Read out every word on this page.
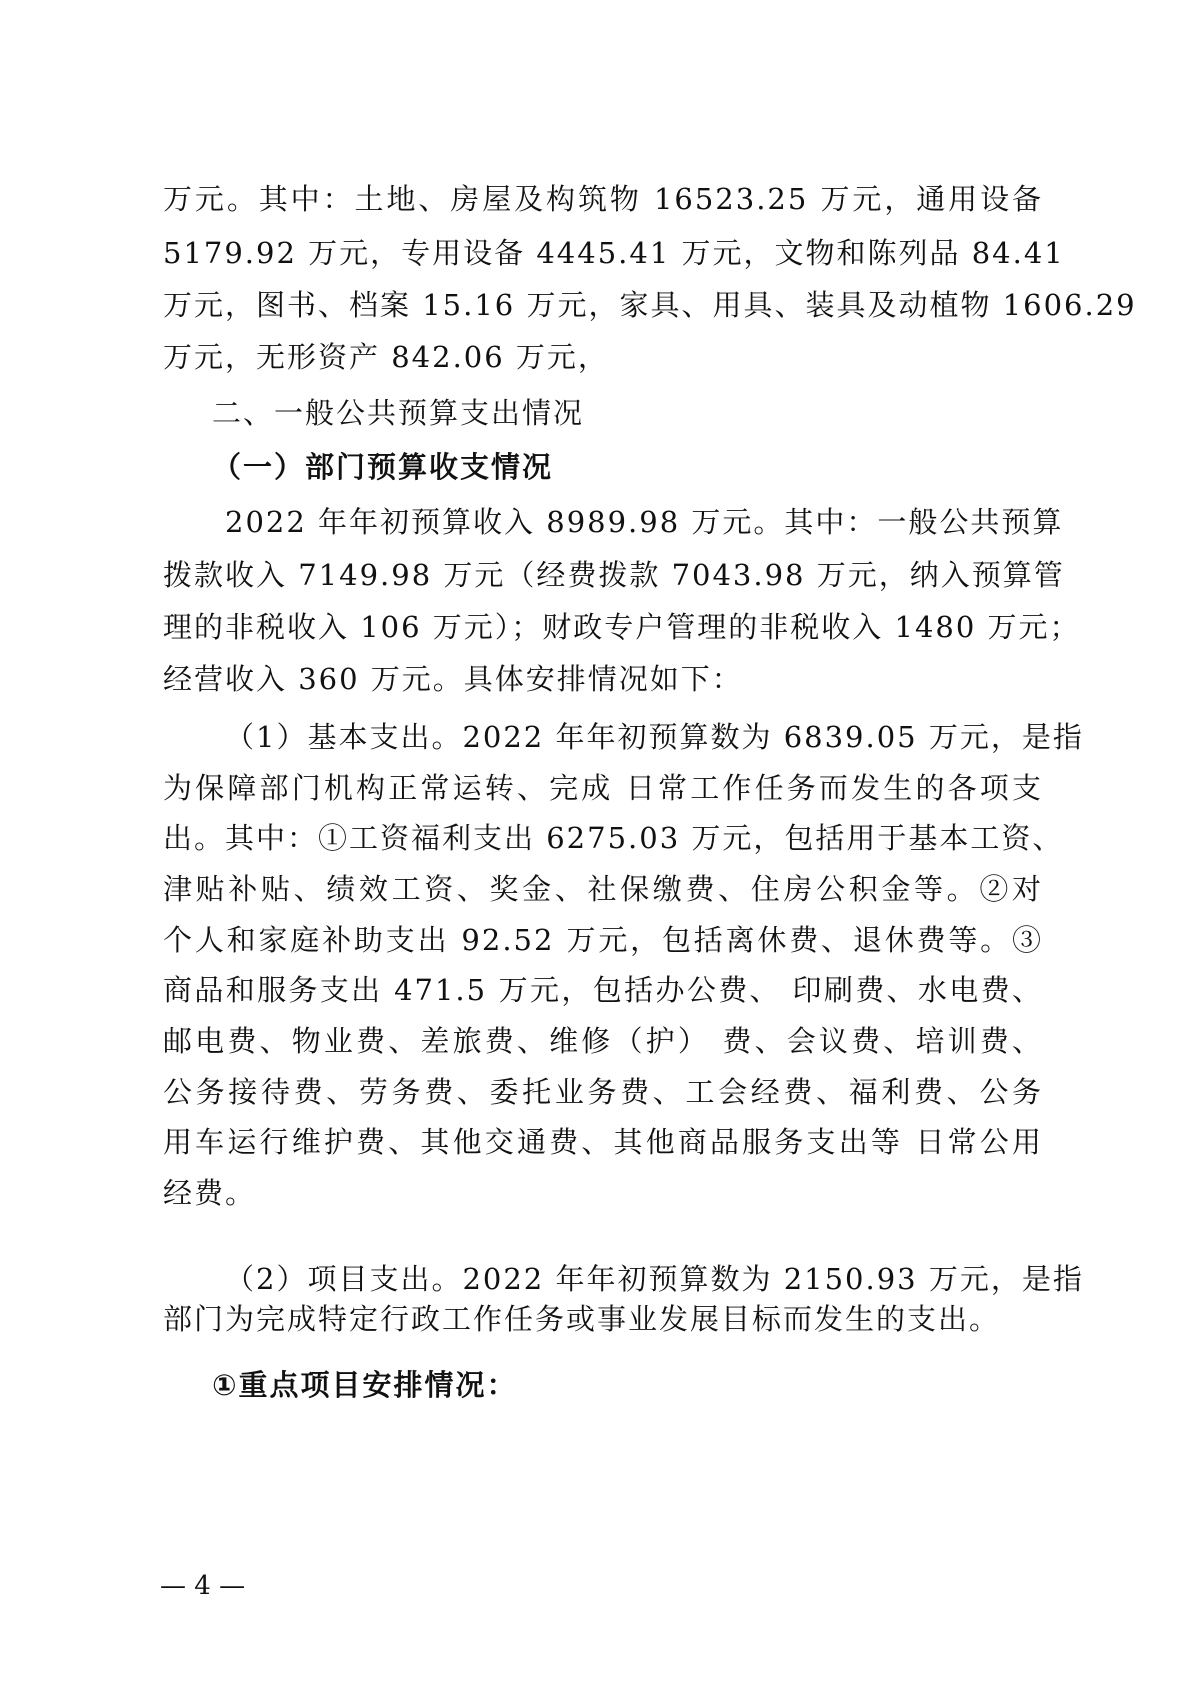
万元。其中：土地、房屋及构筑物 16523.25 万元，通用设备
5179.92 万元，专用设备 4445.41 万元，文物和陈列品 84.41
万元，图书、档案 15.16 万元，家具、用具、装具及动植物 1606.29
万元，无形资产 842.06 万元，
二、一般公共预算支出情况
（一）部门预算收支情况
2022 年年初预算收入 8989.98 万元。其中：一般公共预算
拨款收入 7149.98 万元（经费拨款 7043.98 万元，纳入预算管
理的非税收入 106 万元）；财政专户管理的非税收入 1480 万元；
经营收入 360 万元。具体安排情况如下：
（1）基本支出。2022 年年初预算数为 6839.05 万元，是指
为保障部门机构正常运转、完成 日常工作任务而发生的各项支
出。其中：①工资福利支出 6275.03 万元，包括用于基本工资、
津贴补贴、绩效工资、奖金、社保缴费、住房公积金等。②对
个人和家庭补助支出 92.52 万元，包括离休费、退休费等。③
商品和服务支出 471.5 万元，包括办公费、 印刷费、水电费、
邮电费、物业费、差旅费、维修（护） 费、会议费、培训费、
公务接待费、劳务费、委托业务费、工会经费、福利费、公务
用车运行维护费、其他交通费、其他商品服务支出等 日常公用
经费。
（2）项目支出。2022 年年初预算数为 2150.93 万元，是指
部门为完成特定行政工作任务或事业发展目标而发生的支出。
①重点项目安排情况：
— 4 —
